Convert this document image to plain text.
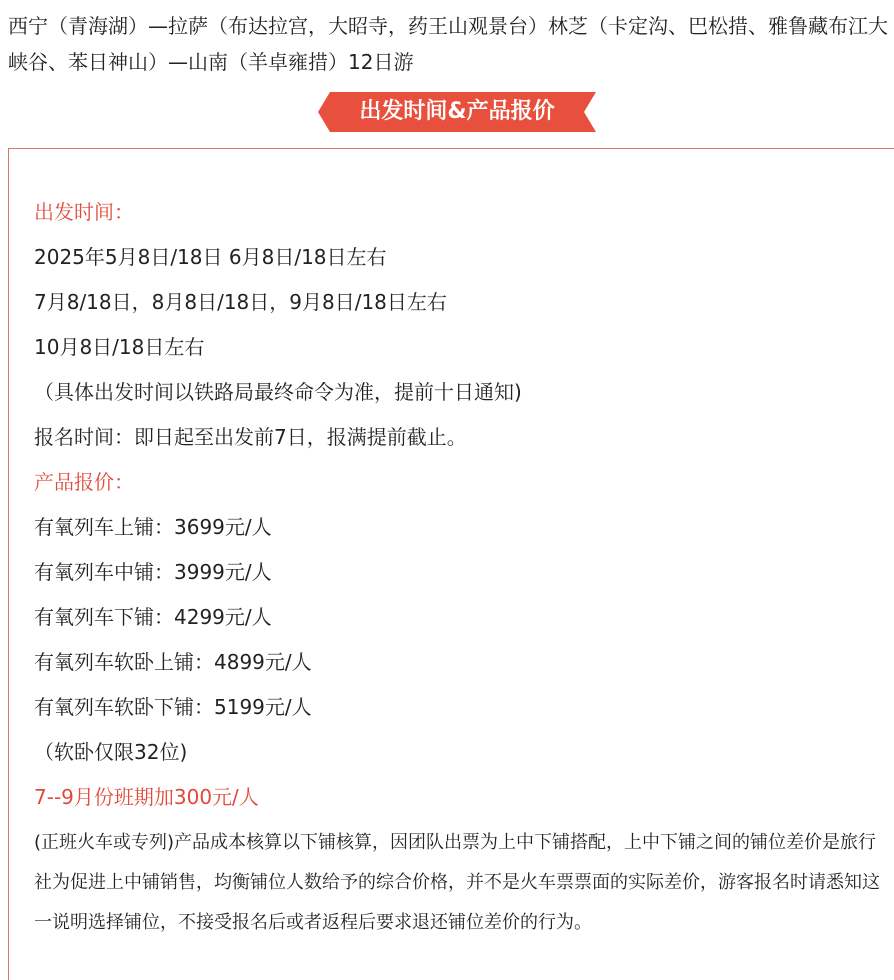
西宁（青海湖）—拉萨（布达拉宫，大昭寺，药王山观景台）林芝（卡定沟、巴松措、雅鲁藏布江大峡谷、苯日神山）—山南（羊卓雍措）12日游
出发时间&产品报价
出发时间：
2025年5月8日/18日 6月8日/18日左右
7月8/18日，8月8日/18日，9月8日/18日左右
10月8日/18日左右
（具体出发时间以铁路局最终命令为准，提前十日通知)
报名时间：即日起至出发前7日，报满提前截止。
产品报价：
有氧列车上铺：3699元/人
有氧列车中铺：3999元/人
有氧列车下铺：4299元/人
有氧列车软卧上铺：4899元/人
有氧列车软卧下铺：5199元/人
（软卧仅限32位)
7--9月份班期加300元/人
(正班火车或专列)产品成本核算以下铺核算，因团队出票为上中下铺搭配，上中下铺之间的铺位差价是旅行社为促进上中铺销售，均衡铺位人数给予的综合价格，并不是火车票票面的实际差价，游客报名时请悉知这一说明选择铺位，不接受报名后或者返程后要求退还铺位差价的行为。
